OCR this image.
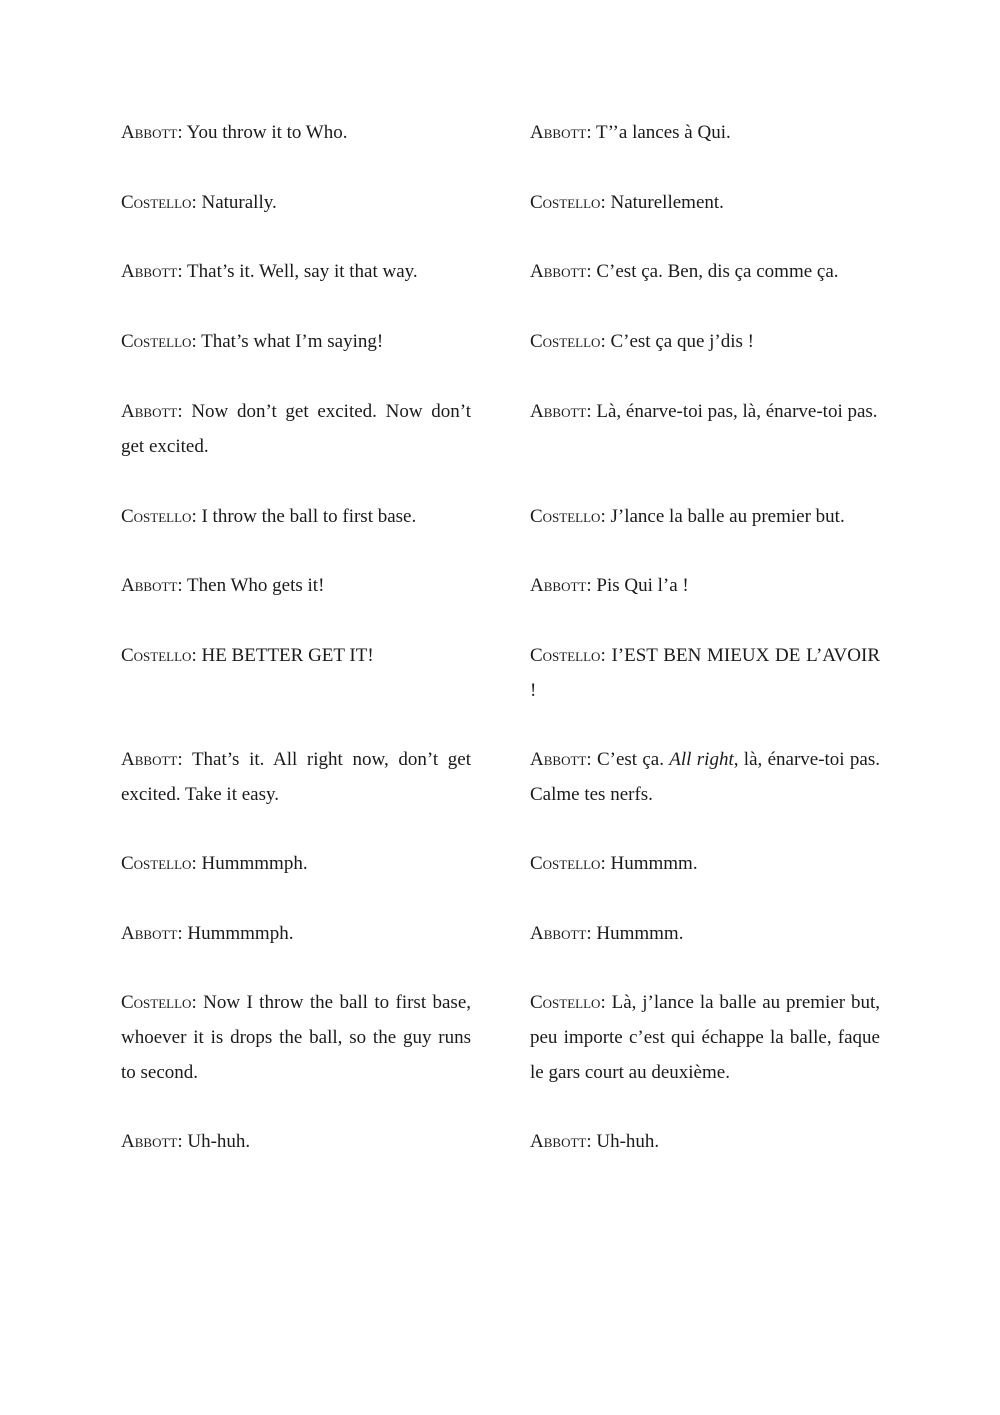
Abbott: You throw it to Who.

Costello: Naturally.

Abbott: That’s it. Well, say it that way.

Costello: That’s what I’m saying!

Abbott: Now don’t get excited. Now don’t get excited.

Costello: I throw the ball to first base.

Abbott: Then Who gets it!

Costello: HE BETTER GET IT!

Abbott: That’s it. All right now, don’t get excited. Take it easy.

Costello: Hummmmph.

Abbott: Hummmmph.

Costello: Now I throw the ball to first base, whoever it is drops the ball, so the guy runs to second.

Abbott: Uh-huh.

Abbott: T’’a lances à Qui.

Costello: Naturellement.

Abbott: C’est ça. Ben, dis ça comme ça.

Costello: C’est ça que j’dis !

Abbott: Là, énarve-toi pas, là, énarve-toi pas.

Costello: J’lance la balle au premier but.

Abbott: Pis Qui l’a !

Costello: I’EST BEN MIEUX DE L’AVOIR !

Abbott: C’est ça. All right, là, énarve-toi pas. Calme tes nerfs.

Costello: Hummmm.

Abbott: Hummmm.

Costello: Là, j’lance la balle au premier but, peu importe c’est qui échappe la balle, faque le gars court au deuxième.

Abbott: Uh-huh.
